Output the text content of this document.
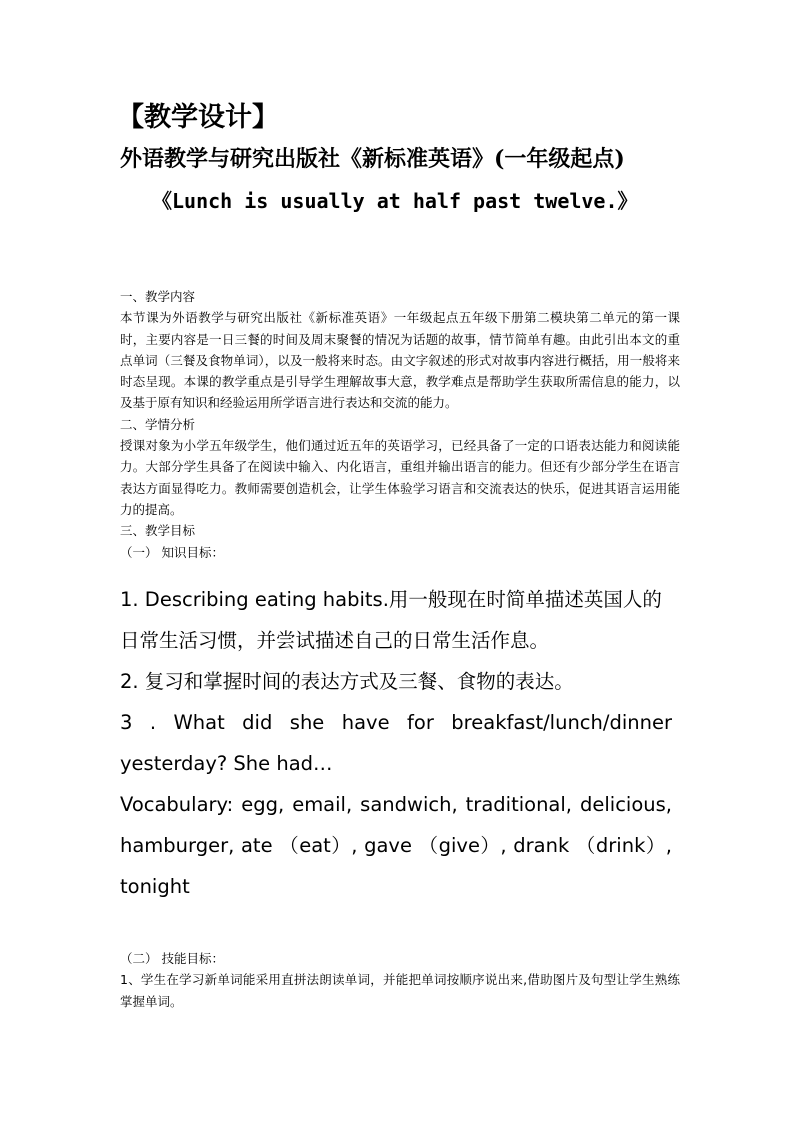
【教学设计】
外语教学与研究出版社《新标准英语》(一年级起点)
《Lunch is usually at half past twelve.》

一、教学内容

本节课为外语教学与研究出版社《新标准英语》一年级起点五年级下册第二模块第二单元的第一课时，主要内容是一日三餐的时间及周末聚餐的情况为话题的故事，情节简单有趣。由此引出本文的重点单词（三餐及食物单词），以及一般将来时态。由文字叙述的形式对故事内容进行概括，用一般将来时态呈现。本课的教学重点是引导学生理解故事大意，教学难点是帮助学生获取所需信息的能力，以及基于原有知识和经验运用所学语言进行表达和交流的能力。

二、学情分析

授课对象为小学五年级学生，他们通过近五年的英语学习，已经具备了一定的口语表达能力和阅读能力。大部分学生具备了在阅读中输入、内化语言，重组并输出语言的能力。但还有少部分学生在语言表达方面显得吃力。教师需要创造机会，让学生体验学习语言和交流表达的快乐，促进其语言运用能力的提高。

三、教学目标

（一） 知识目标：

1. Describing eating habits.用一般现在时简单描述英国人的日常生活习惯，并尝试描述自己的日常生活作息。

2. 复习和掌握时间的表达方式及三餐、食物的表达。

3 . What did she have for breakfast/lunch/dinner yesterday? She had…

Vocabulary: egg, email, sandwich, traditional, delicious, hamburger, ate （eat）, gave （give）, drank （drink）, tonight

（二） 技能目标：

1、学生在学习新单词能采用直拼法朗读单词，并能把单词按顺序说出来,借助图片及句型让学生熟练掌握单词。
